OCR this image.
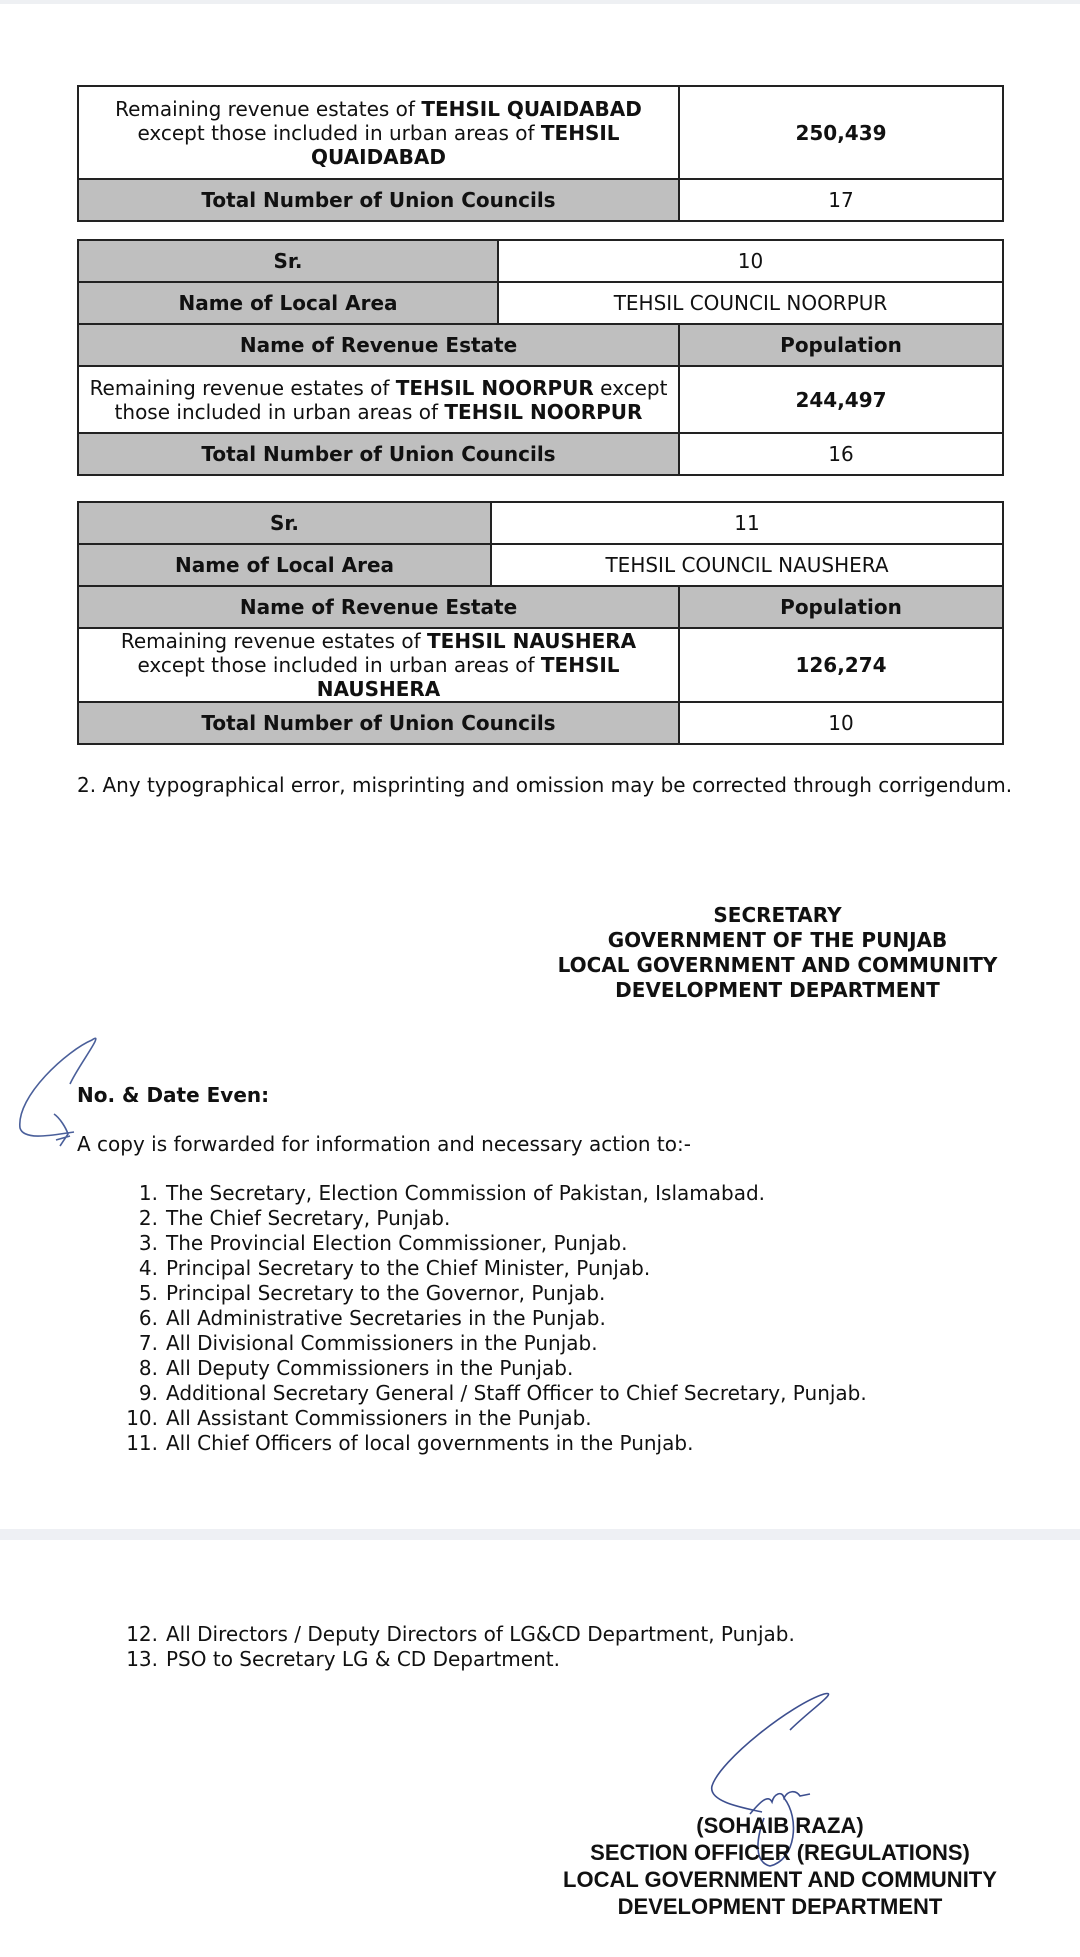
Remaining revenue estates of TEHSIL QUAIDABAD except those included in urban areas of TEHSIL QUAIDABAD	250,439
Total Number of Union Councils	17
Sr.	10	
Name of Local Area	TEHSIL COUNCIL NOORPUR	
Name of Revenue Estate		Population
Remaining revenue estates of TEHSIL NOORPUR except those included in urban areas of TEHSIL NOORPUR		244,497
Total Number of Union Councils		16
Sr.	11	
Name of Local Area	TEHSIL COUNCIL NAUSHERA	
Name of Revenue Estate		Population
Remaining revenue estates of TEHSIL NAUSHERA except those included in urban areas of TEHSIL NAUSHERA		126,274
Total Number of Union Councils		10
2. Any typographical error, misprinting and omission may be corrected through corrigendum.
SECRETARY
GOVERNMENT OF THE PUNJAB
LOCAL GOVERNMENT AND COMMUNITY
DEVELOPMENT DEPARTMENT
No. & Date Even:
A copy is forwarded for information and necessary action to:-
1. The Secretary, Election Commission of Pakistan, Islamabad.
2. The Chief Secretary, Punjab.
3. The Provincial Election Commissioner, Punjab.
4. Principal Secretary to the Chief Minister, Punjab.
5. Principal Secretary to the Governor, Punjab.
6. All Administrative Secretaries in the Punjab.
7. All Divisional Commissioners in the Punjab.
8. All Deputy Commissioners in the Punjab.
9. Additional Secretary General / Staff Officer to Chief Secretary, Punjab.
10. All Assistant Commissioners in the Punjab.
11. All Chief Officers of local governments in the Punjab.
12. All Directors / Deputy Directors of LG&CD Department, Punjab.
13. PSO to Secretary LG & CD Department.
(SOHAIB RAZA)
SECTION OFFICER (REGULATIONS)
LOCAL GOVERNMENT AND COMMUNITY
DEVELOPMENT DEPARTMENT
